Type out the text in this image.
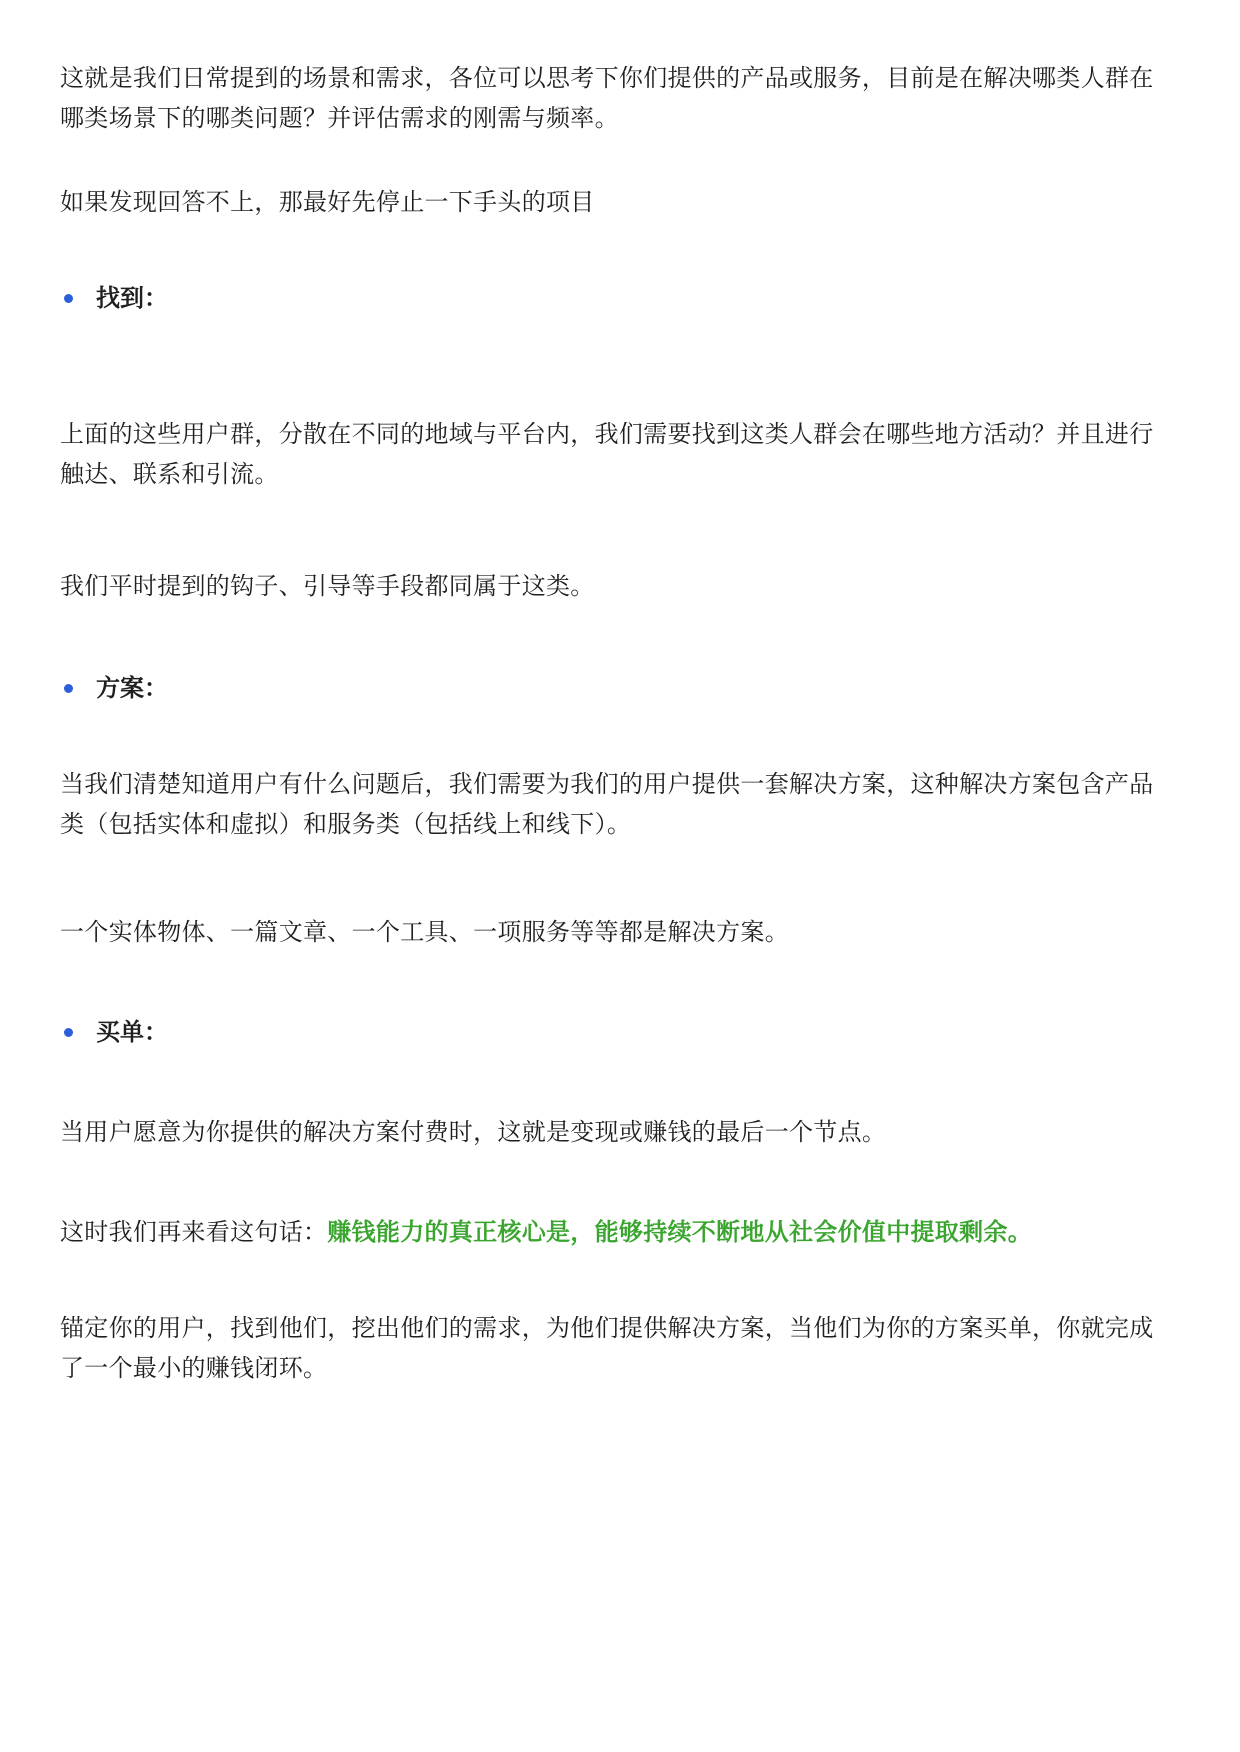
这就是我们日常提到的场景和需求，各位可以思考下你们提供的产品或服务，目前是在解决哪类人群在哪类场景下的哪类问题？并评估需求的刚需与频率。

如果发现回答不上，那最好先停止一下手头的项目

找到：

上面的这些用户群，分散在不同的地域与平台内，我们需要找到这类人群会在哪些地方活动？并且进行触达、联系和引流。

我们平时提到的钩子、引导等手段都同属于这类。

方案：

当我们清楚知道用户有什么问题后，我们需要为我们的用户提供一套解决方案，这种解决方案包含产品类（包括实体和虚拟）和服务类（包括线上和线下）。

一个实体物体、一篇文章、一个工具、一项服务等等都是解决方案。

买单：

当用户愿意为你提供的解决方案付费时，这就是变现或赚钱的最后一个节点。

这时我们再来看这句话：赚钱能力的真正核心是，能够持续不断地从社会价值中提取剩余。

锚定你的用户，找到他们，挖出他们的需求，为他们提供解决方案，当他们为你的方案买单，你就完成了一个最小的赚钱闭环。
